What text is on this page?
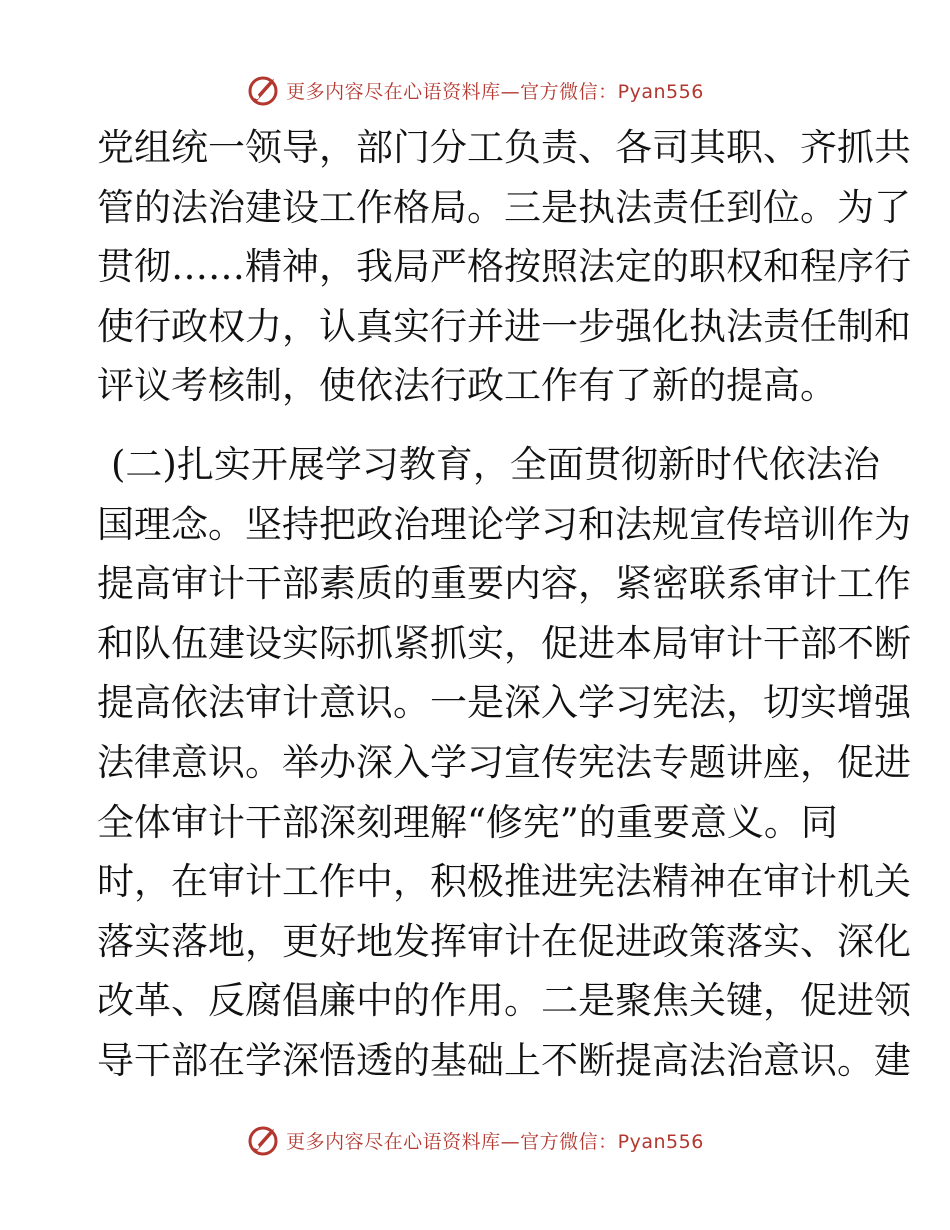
更多内容尽在心语资料库—官方微信：Pyan556
党组统一领导，部门分工负责、各司其职、齐抓共
管的法治建设工作格局。三是执法责任到位。为了
贯彻……精神，我局严格按照法定的职权和程序行
使行政权力，认真实行并进一步强化执法责任制和
评议考核制，使依法行政工作有了新的提高。
(二)扎实开展学习教育，全面贯彻新时代依法治
国理念。坚持把政治理论学习和法规宣传培训作为
提高审计干部素质的重要内容，紧密联系审计工作
和队伍建设实际抓紧抓实，促进本局审计干部不断
提高依法审计意识。一是深入学习宪法，切实增强
法律意识。举办深入学习宣传宪法专题讲座，促进
全体审计干部深刻理解“修宪”的重要意义。同
时，在审计工作中，积极推进宪法精神在审计机关
落实落地，更好地发挥审计在促进政策落实、深化
改革、反腐倡廉中的作用。二是聚焦关键，促进领
导干部在学深悟透的基础上不断提高法治意识。建
更多内容尽在心语资料库—官方微信：Pyan556
